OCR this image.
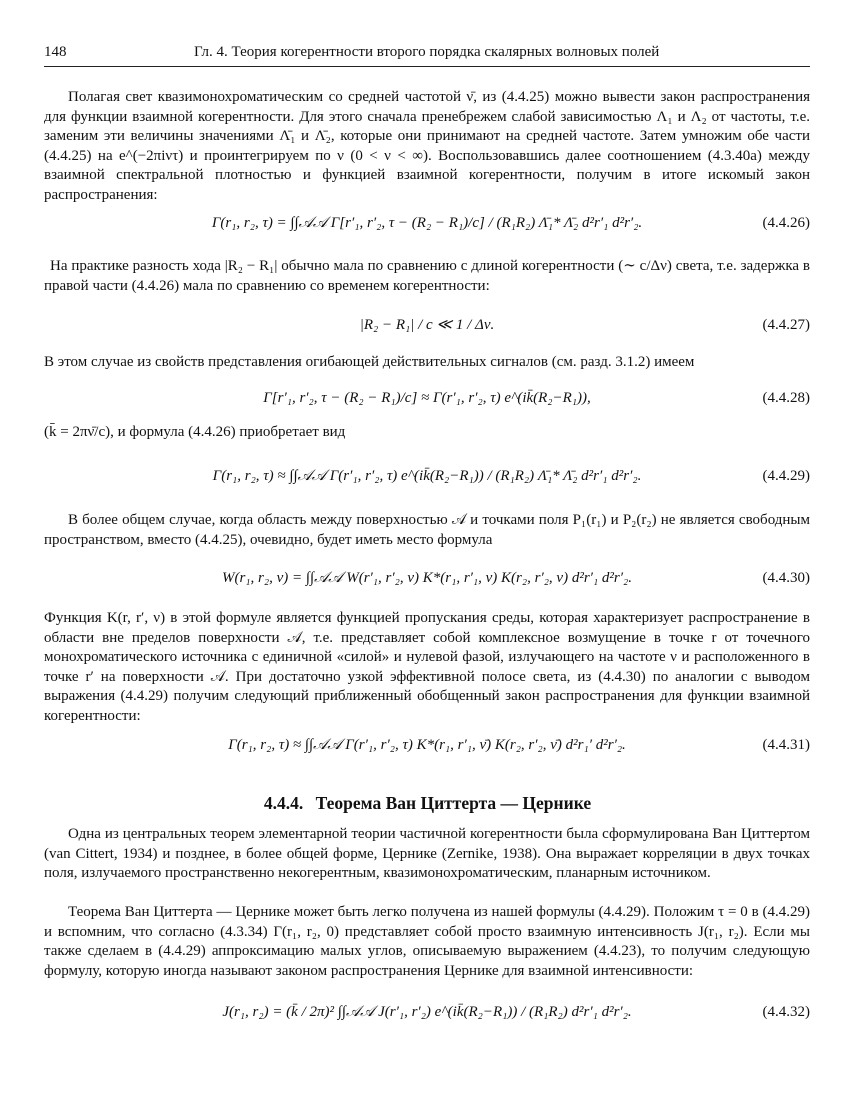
148	Гл. 4. Теория когерентности второго порядка скалярных волновых полей
Полагая свет квазимонохроматическим со средней частотой ν̄, из (4.4.25) можно вывести закон распространения для функции взаимной когерентности. Для этого сначала пренебрежем слабой зависимостью Λ₁ и Λ₂ от частоты, т.е. заменим эти величины значениями Λ̄₁ и Λ̄₂, которые они принимают на средней частоте. Затем умножим обе части (4.4.25) на e^(−2πiντ) и проинтегрируем по ν (0 < ν < ∞). Воспользовавшись далее соотношением (4.3.40а) между взаимной спектральной плотностью и функцией взаимной когерентности, получим в итоге искомый закон распространения:
Γ(r₁, r₂, τ) = ∫∫𝒜𝒜 Γ[r′₁, r′₂, τ − (R₂ − R₁)/c] / (R₁R₂) Λ̄₁* Λ̄₂ d²r′₁ d²r′₂.	(4.4.26)
На практике разность хода |R₂ − R₁| обычно мала по сравнению с длиной когерентности (∼ c/Δν) света, т.е. задержка в правой части (4.4.26) мала по сравнению со временем когерентности:
|R₂ − R₁| / c ≪ 1 / Δν.	(4.4.27)
В этом случае из свойств представления огибающей действительных сигналов (см. разд. 3.1.2) имеем
Γ[r′₁, r′₂, τ − (R₂ − R₁)/c] ≈ Γ(r′₁, r′₂, τ) e^(ik̄(R₂−R₁)),	(4.4.28)
(k̄ = 2πν̄/c), и формула (4.4.26) приобретает вид
Γ(r₁, r₂, τ) ≈ ∫∫𝒜𝒜 Γ(r′₁, r′₂, τ) e^(ik̄(R₂−R₁)) / (R₁R₂) Λ̄₁* Λ̄₂ d²r′₁ d²r′₂.	(4.4.29)
В более общем случае, когда область между поверхностью 𝒜 и точками поля P₁(r₁) и P₂(r₂) не является свободным пространством, вместо (4.4.25), очевидно, будет иметь место формула
W(r₁, r₂, ν) = ∫∫𝒜𝒜 W(r′₁, r′₂, ν) K*(r₁, r′₁, ν) K(r₂, r′₂, ν) d²r′₁ d²r′₂.	(4.4.30)
Функция K(r, r′, ν) в этой формуле является функцией пропускания среды, которая характеризует распространение в области вне пределов поверхности 𝒜, т.е. представляет собой комплексное возмущение в точке r от точечного монохроматического источника с единичной «силой» и нулевой фазой, излучающего на частоте ν и расположенного в точке r′ на поверхности 𝒜. При достаточно узкой эффективной полосе света, из (4.4.30) по аналогии с выводом выражения (4.4.29) получим следующий приближенный обобщенный закон распространения для функции взаимной когерентности:
Γ(r₁, r₂, τ) ≈ ∫∫𝒜𝒜 Γ(r′₁, r′₂, τ) K*(r₁, r′₁, ν̄) K(r₂, r′₂, ν̄) d²r₁′ d²r′₂.	(4.4.31)
4.4.4. Теорема Ван Циттерта — Цернике
Одна из центральных теорем элементарной теории частичной когерентности была сформулирована Ван Циттертом (van Cittert, 1934) и позднее, в более общей форме, Цернике (Zernike, 1938). Она выражает корреляции в двух точках поля, излучаемого пространственно некогерентным, квазимонохроматическим, планарным источником.
Теорема Ван Циттерта — Цернике может быть легко получена из нашей формулы (4.4.29). Положим τ = 0 в (4.4.29) и вспомним, что согласно (4.3.34) Γ(r₁, r₂, 0) представляет собой просто взаимную интенсивность J(r₁, r₂). Если мы также сделаем в (4.4.29) аппроксимацию малых углов, описываемую выражением (4.4.23), то получим следующую формулу, которую иногда называют законом распространения Цернике для взаимной интенсивности:
J(r₁, r₂) = (k̄ / 2π)² ∫∫𝒜𝒜 J(r′₁, r′₂) e^(ik̄(R₂−R₁)) / (R₁R₂) d²r′₁ d²r′₂.	(4.4.32)
